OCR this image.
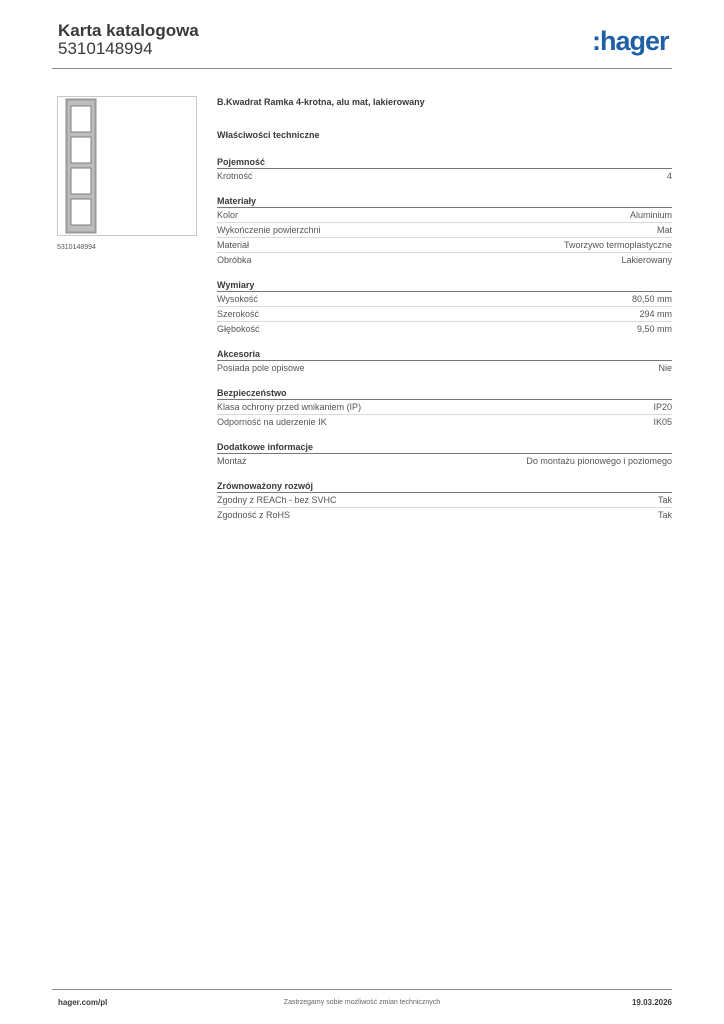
Karta katalogowa
5310148994	:hager
5310148994
B.Kwadrat Ramka 4-krotna, alu mat, lakierowany
Właściwości techniczne
Pojemność
Krotność	4
Materiały
Kolor	Aluminium
Wykończenie powierzchni	Mat
Materiał	Tworzywo termoplastyczne
Obróbka	Lakierowany
Wymiary
Wysokość	80,50 mm
Szerokość	294 mm
Głębokość	9,50 mm
Akcesoria
Posiada pole opisowe	Nie
Bezpieczeństwo
Klasa ochrony przed wnikaniem (IP)	IP20
Odporność na uderzenie IK	IK05
Dodatkowe informacje
Montaż	Do montażu pionowego i poziomego
Zrównoważony rozwój
Zgodny z REACh - bez SVHC	Tak
Zgodność z RoHS	Tak
hager.com/pl	Zastrzegamy sobie możliwość zmian technicznych	19.03.2026
